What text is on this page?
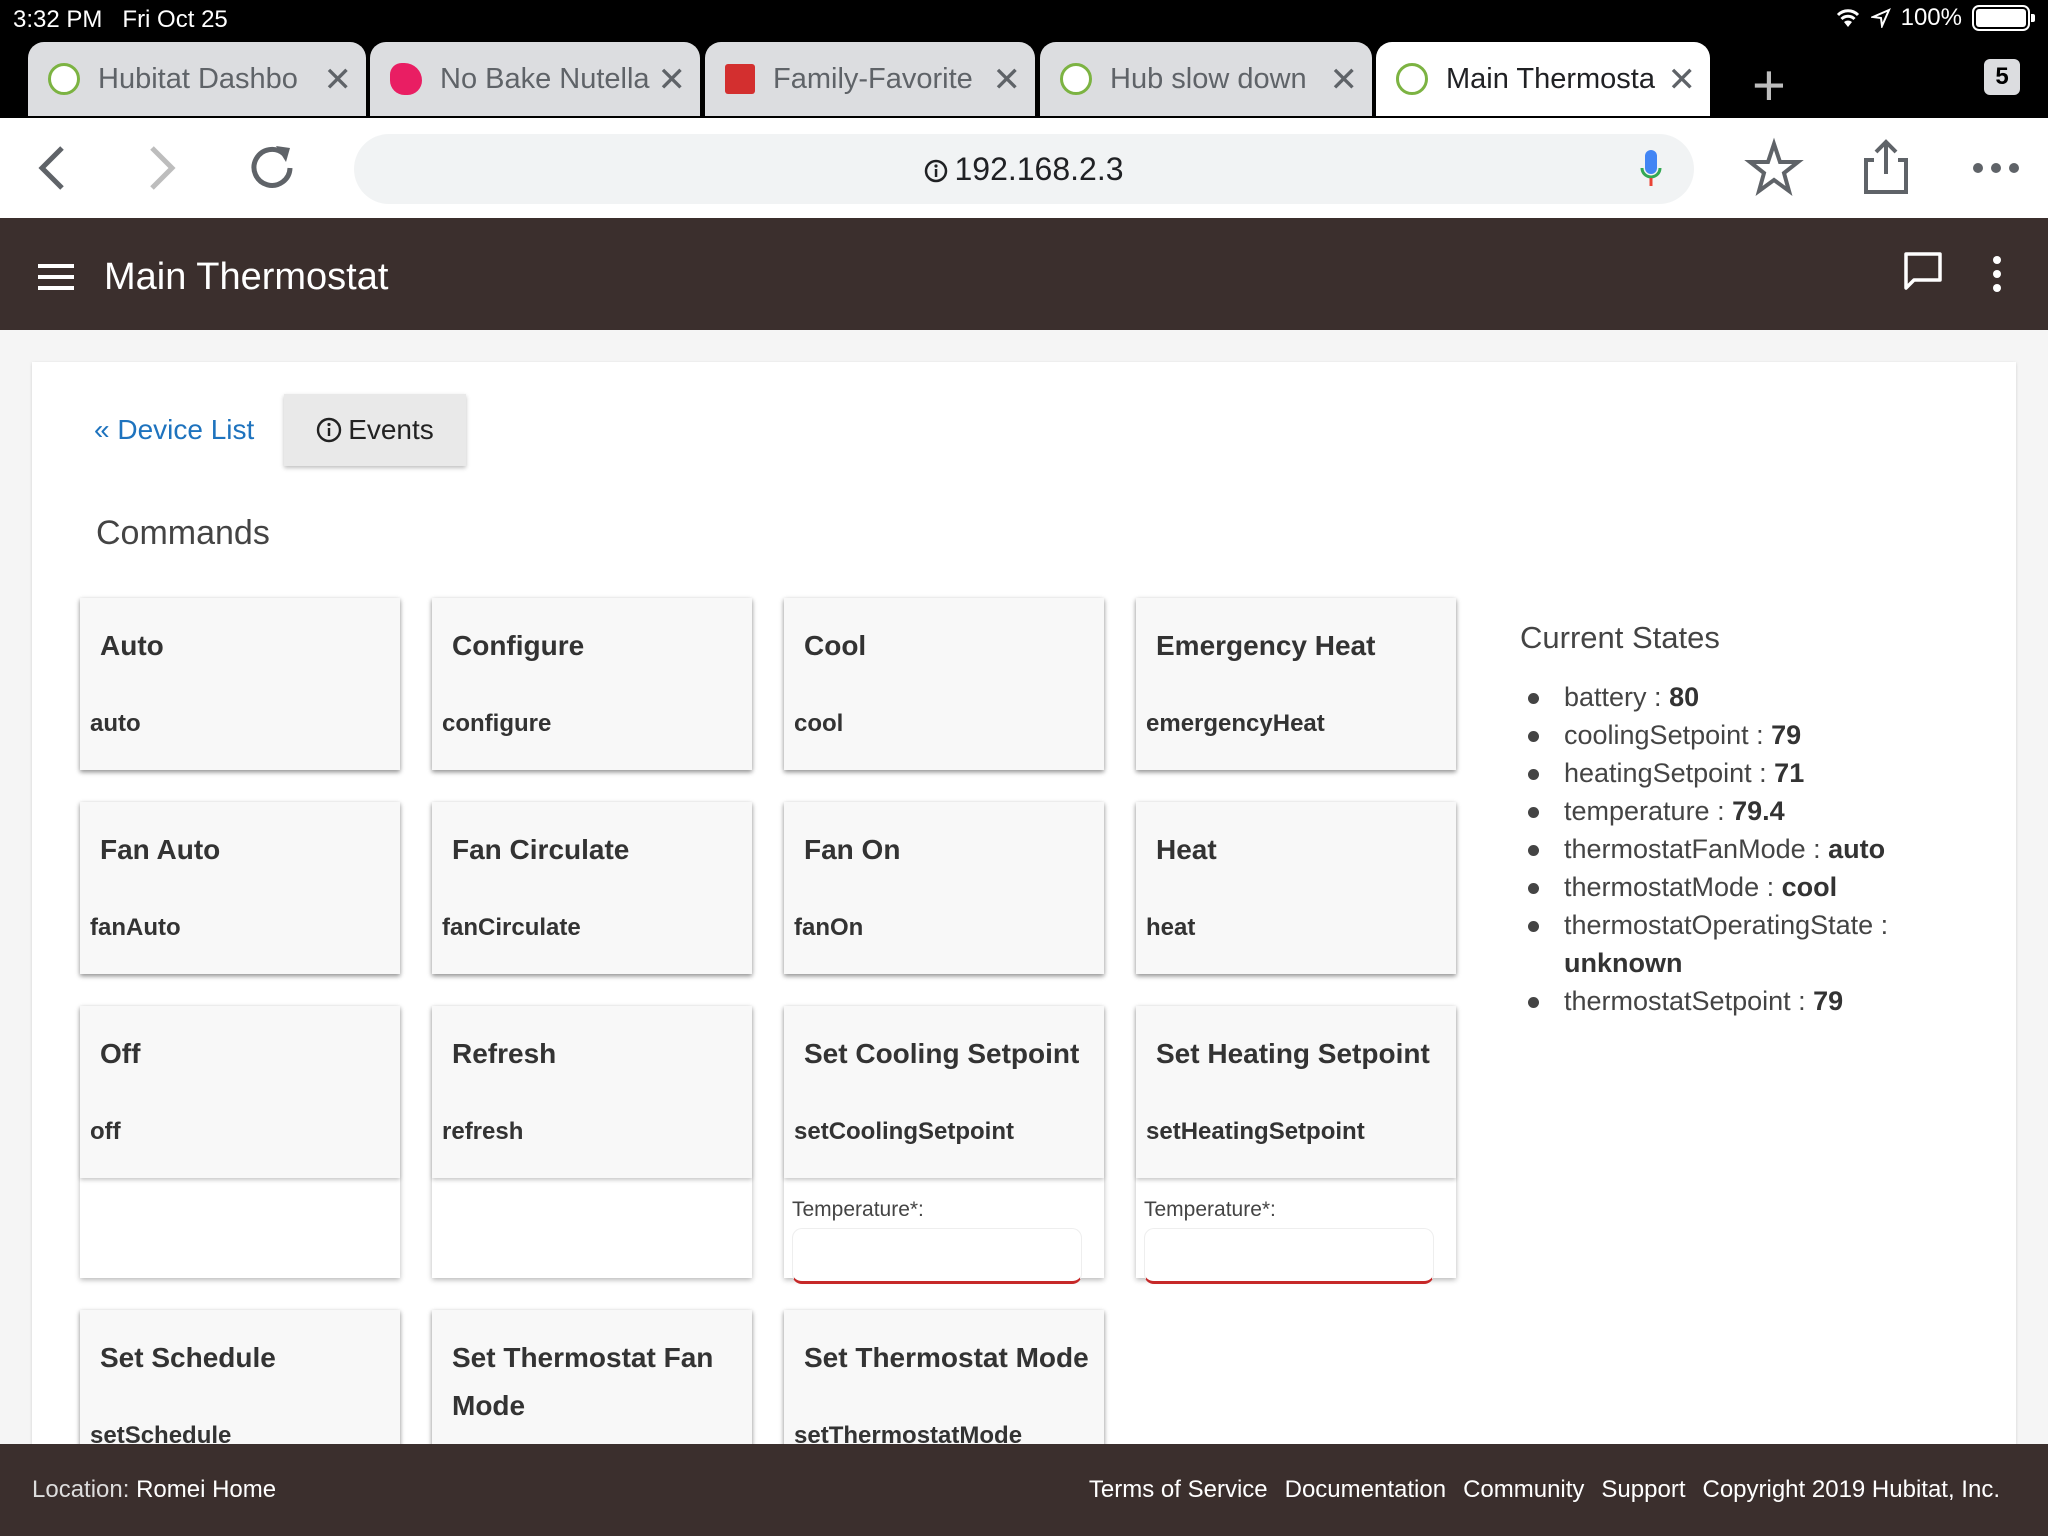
3:32 PM Fri Oct 25	100%
Hubitat Dashbo ✕	No Bake Nutella ✕	Family-Favorite ✕	Hub slow down ✕	Main Thermosta ✕ +	5
192.168.2.3
Main Thermostat
« Device List	Events
Commands
Auto
auto
Configure
configure
Cool
cool
Emergency Heat
emergencyHeat
Fan Auto
fanAuto
Fan Circulate
fanCirculate
Fan On
fanOn
Heat
heat
Off
off
Refresh
refresh
Set Cooling Setpoint
setCoolingSetpoint
Temperature*:
Set Heating Setpoint
setHeatingSetpoint
Temperature*:
Set Schedule
setSchedule
Set Thermostat Fan Mode
Set Thermostat Mode
setThermostatMode
Current States
battery : 80
coolingSetpoint : 79
heatingSetpoint : 71
temperature : 79.4
thermostatFanMode : auto
thermostatMode : cool
thermostatOperatingState :
unknown
thermostatSetpoint : 79
Location: Romei Home	Terms of Service Documentation Community Support Copyright 2019 Hubitat, Inc.
